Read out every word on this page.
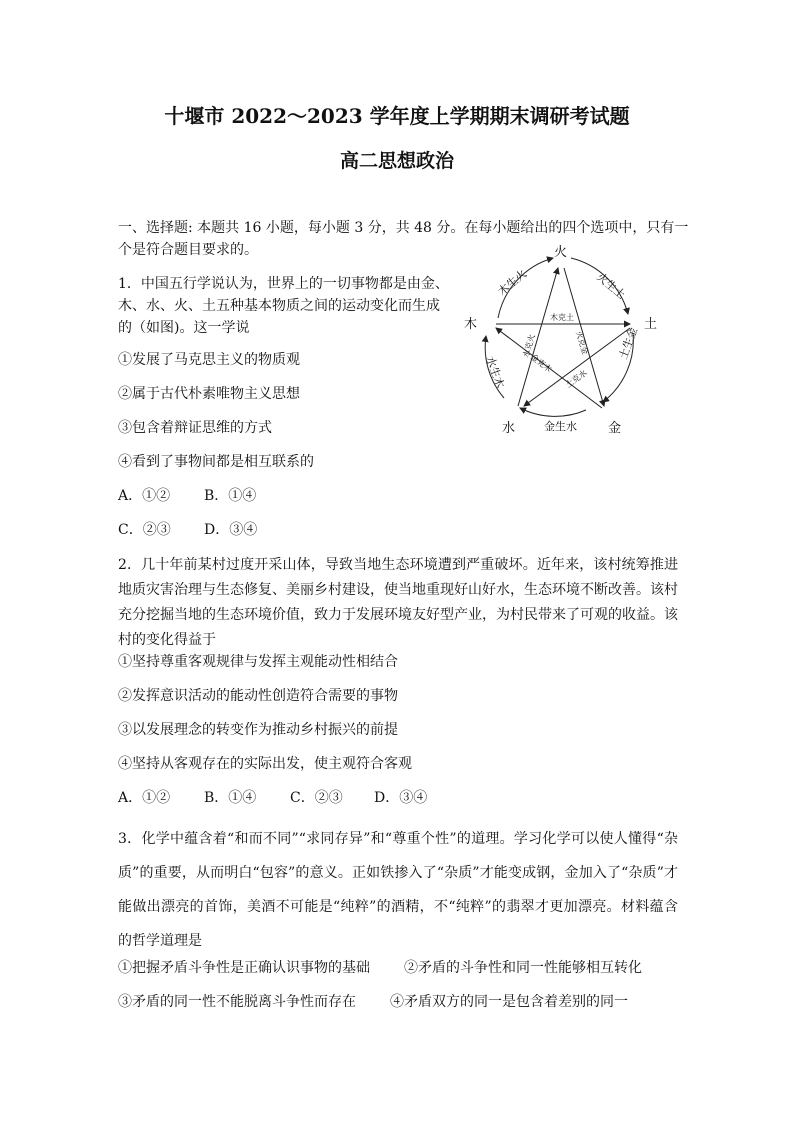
十堰市 2022～2023 学年度上学期期末调研考试题
高二思想政治
一、选择题: 本题共 16 小题，每小题 3 分，共 48 分。在每小题给出的四个选项中，只有一
个是符合题目要求的。
1．中国五行学说认为，世界上的一切事物都是由金、
木、水、火、土五种基本物质之间的运动变化而生成
的（如图)。这一学说
①发展了马克思主义的物质观
②属于古代朴素唯物主义思想
③包含着辩证思维的方式
④看到了事物间都是相互联系的
A．①② B．①④
C．②③ D．③④
火
土
金
水
木
木生火	火生土
土生金
金生水
水生木
木克土
水克火	火克金
金克木
土克水
2．几十年前某村过度开采山体，导致当地生态环境遭到严重破坏。近年来，该村统筹推进地质灾害治理与生态修复、美丽乡村建设，使当地重现好山好水，生态环境不断改善。该村充分挖掘当地的生态环境价值，致力于发展环境友好型产业，为村民带来了可观的收益。该村的变化得益于
①坚持尊重客观规律与发挥主观能动性相结合
②发挥意识活动的能动性创造符合需要的事物
③以发展理念的转变作为推动乡村振兴的前提
④坚持从客观存在的实际出发，使主观符合客观
A．①② B．①④ C．②③ D．③④
3．化学中蕴含着“和而不同”“求同存异”和“尊重个性”的道理。学习化学可以使人懂得“杂质”的重要，从而明白“包容”的意义。正如铁掺入了“杂质”才能变成钢，金加入了“杂质”才能做出漂亮的首饰，美酒不可能是“纯粹”的酒精，不“纯粹”的翡翠才更加漂亮。材料蕴含的哲学道理是
①把握矛盾斗争性是正确认识事物的基础 ②矛盾的斗争性和同一性能够相互转化
③矛盾的同一性不能脱离斗争性而存在 ④矛盾双方的同一是包含着差别的同一
